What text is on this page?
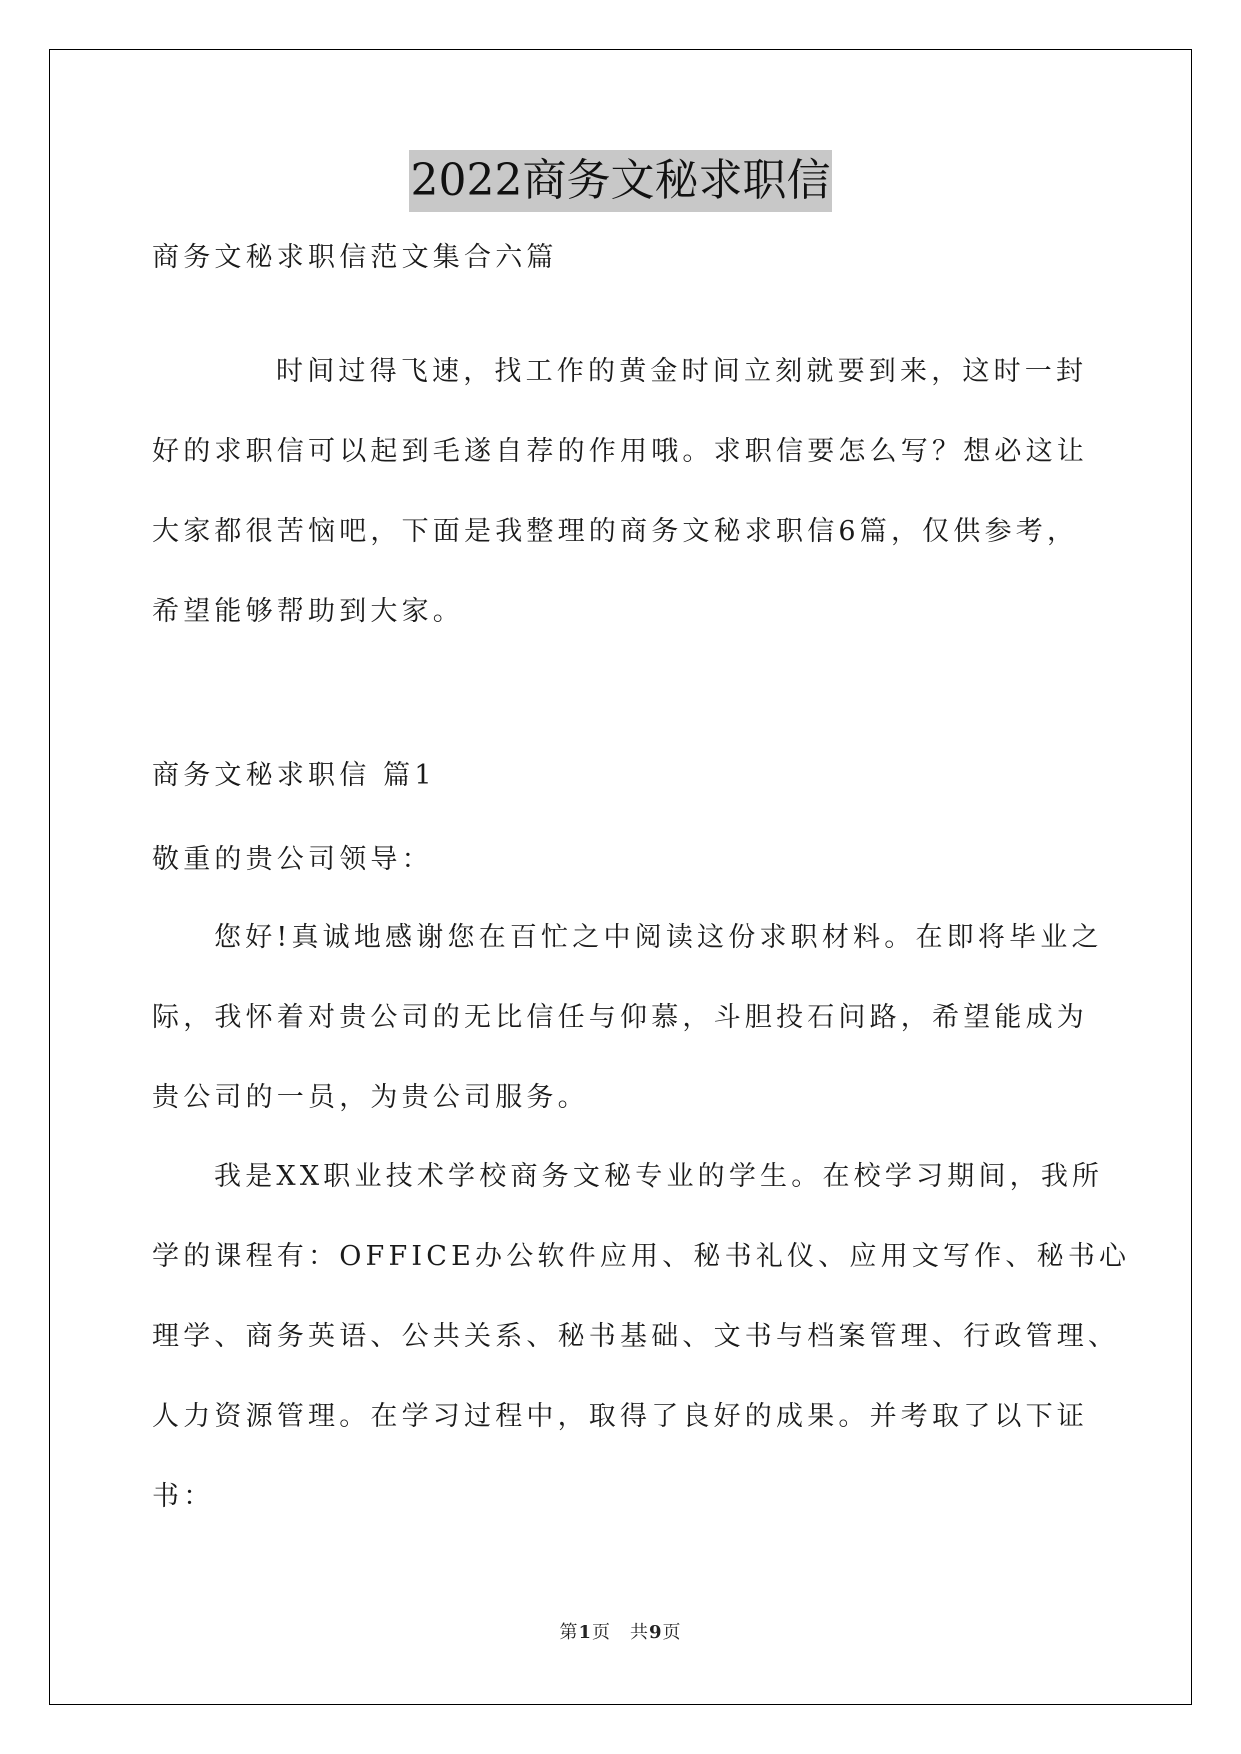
2022商务文秘求职信
商务文秘求职信范文集合六篇
时间过得飞速，找工作的黄金时间立刻就要到来，这时一封
好的求职信可以起到毛遂自荐的作用哦。求职信要怎么写？想必这让
大家都很苦恼吧，下面是我整理的商务文秘求职信6篇，仅供参考，
希望能够帮助到大家。
商务文秘求职信 篇1
敬重的贵公司领导：
您好!真诚地感谢您在百忙之中阅读这份求职材料。在即将毕业之
际，我怀着对贵公司的无比信任与仰慕，斗胆投石问路，希望能成为
贵公司的一员，为贵公司服务。
我是XX职业技术学校商务文秘专业的学生。在校学习期间，我所
学的课程有：OFFICE办公软件应用、秘书礼仪、应用文写作、秘书心
理学、商务英语、公共关系、秘书基础、文书与档案管理、行政管理、
人力资源管理。在学习过程中，取得了良好的成果。并考取了以下证
书：
第1页　共9页
